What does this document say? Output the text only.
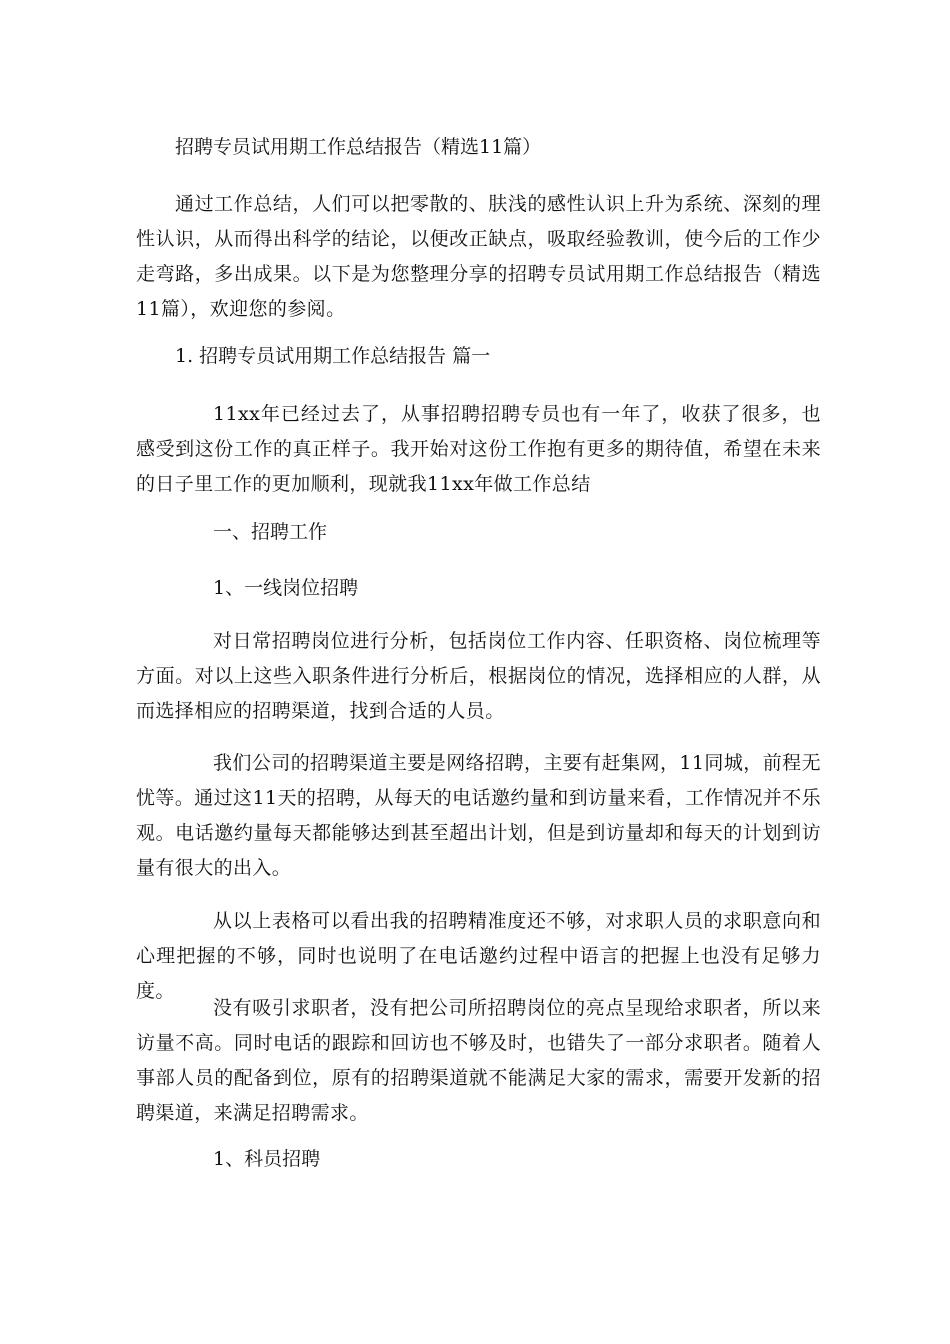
招聘专员试用期工作总结报告（精选11篇）

通过工作总结，人们可以把零散的、肤浅的感性认识上升为系统、深刻的理性认识，从而得出科学的结论，以便改正缺点，吸取经验教训，使今后的工作少走弯路，多出成果。以下是为您整理分享的招聘专员试用期工作总结报告（精选11篇），欢迎您的参阅。

1. 招聘专员试用期工作总结报告 篇一

11xx年已经过去了，从事招聘招聘专员也有一年了，收获了很多，也感受到这份工作的真正样子。我开始对这份工作抱有更多的期待值，希望在未来的日子里工作的更加顺利，现就我11xx年做工作总结

一、招聘工作
1、一线岗位招聘

对日常招聘岗位进行分析，包括岗位工作内容、任职资格、岗位梳理等方面。对以上这些入职条件进行分析后，根据岗位的情况，选择相应的人群，从而选择相应的招聘渠道，找到合适的人员。

我们公司的招聘渠道主要是网络招聘，主要有赶集网，11同城，前程无忧等。通过这11天的招聘，从每天的电话邀约量和到访量来看，工作情况并不乐观。电话邀约量每天都能够达到甚至超出计划，但是到访量却和每天的计划到访量有很大的出入。

从以上表格可以看出我的招聘精准度还不够，对求职人员的求职意向和心理把握的不够，同时也说明了在电话邀约过程中语言的把握上也没有足够力度。

没有吸引求职者，没有把公司所招聘岗位的亮点呈现给求职者，所以来访量不高。同时电话的跟踪和回访也不够及时，也错失了一部分求职者。随着人事部人员的配备到位，原有的招聘渠道就不能满足大家的需求，需要开发新的招聘渠道，来满足招聘需求。

1、科员招聘
